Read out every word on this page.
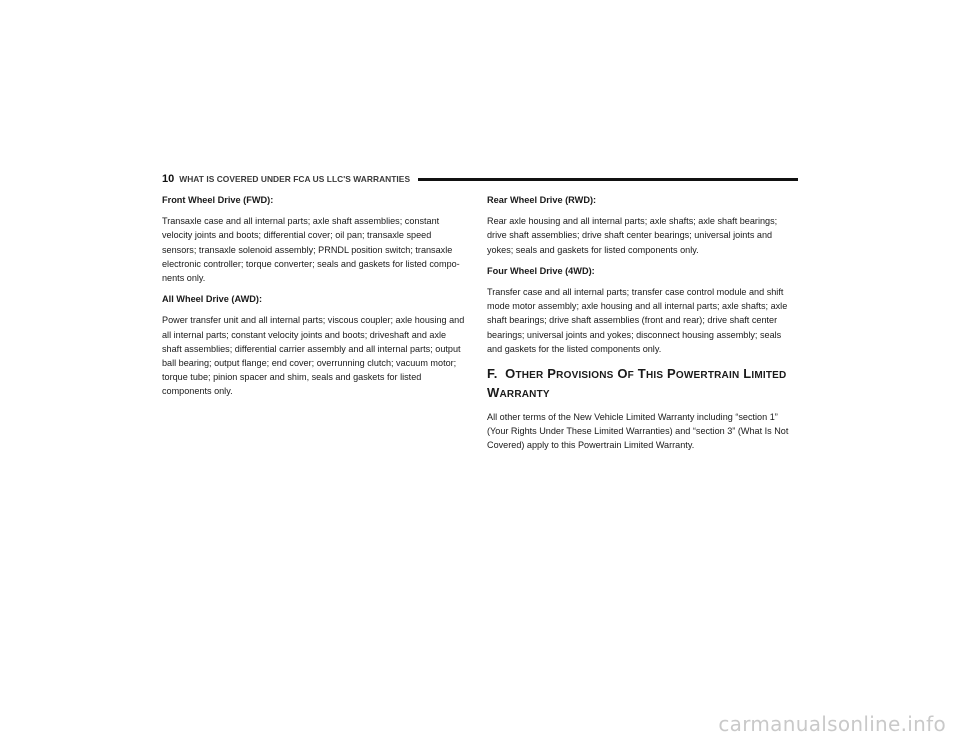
10 WHAT IS COVERED UNDER FCA US LLC'S WARRANTIES
Front Wheel Drive (FWD):

Transaxle case and all internal parts; axle shaft assemblies; constant velocity joints and boots; differential cover; oil pan; transaxle speed sensors; transaxle solenoid assembly; PRNDL position switch; transaxle electronic controller; torque converter; seals and gaskets for listed compo-nents only.

All Wheel Drive (AWD):

Power transfer unit and all internal parts; viscous coupler; axle housing and all internal parts; constant velocity joints and boots; driveshaft and axle shaft assemblies; differential carrier assembly and all internal parts; output ball bearing; output flange; end cover; overrunning clutch; vacuum motor; torque tube; pinion spacer and shim, seals and gaskets for listed components only.

Rear Wheel Drive (RWD):

Rear axle housing and all internal parts; axle shafts; axle shaft bearings; drive shaft assemblies; drive shaft center bearings; universal joints and yokes; seals and gaskets for listed components only.

Four Wheel Drive (4WD):

Transfer case and all internal parts; transfer case control module and shift mode motor assembly; axle housing and all internal parts; axle shafts; axle shaft bearings; drive shaft assemblies (front and rear); drive shaft center bearings; universal joints and yokes; disconnect housing assembly; seals and gaskets for the listed components only.

F. OTHER PROVISIONS OF THIS POWERTRAIN LIMITED WARRANTY

All other terms of the New Vehicle Limited Warranty including “section 1” (Your Rights Under These Limited Warranties) and “section 3” (What Is Not Covered) apply to this Powertrain Limited Warranty.

carmanualsonline.info
